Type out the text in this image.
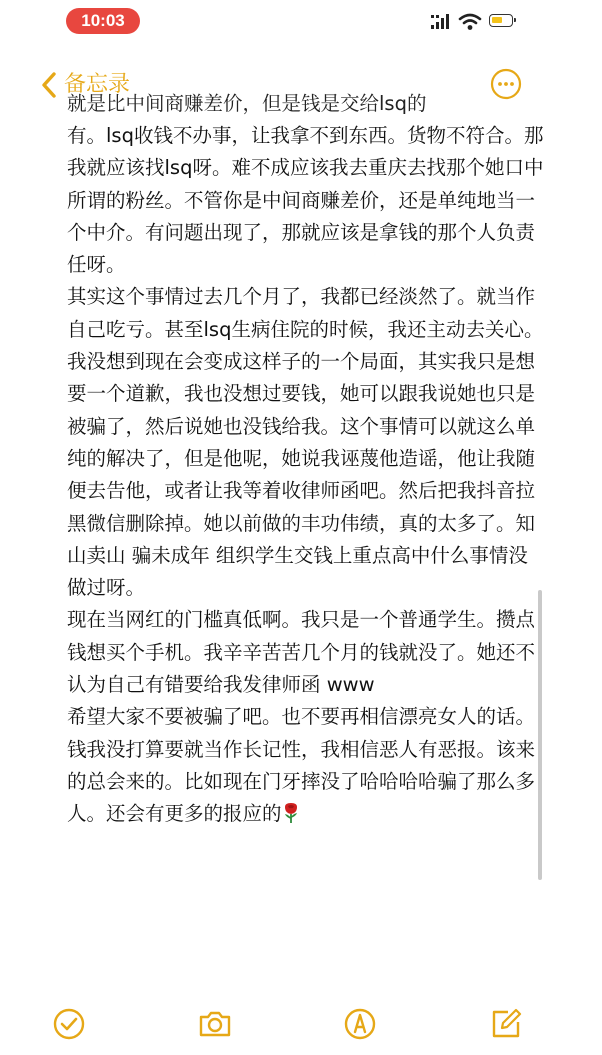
10:03
备忘录
就是比中间商赚差价，但是钱是交给lsq的

有。lsq收钱不办事，让我拿不到东西。货物不符合。那我就应该找lsq呀。难不成应该我去重庆去找那个她口中所谓的粉丝。不管你是中间商赚差价，还是单纯地当一个中介。有问题出现了，那就应该是拿钱的那个人负责任呀。

其实这个事情过去几个月了，我都已经淡然了。就当作自己吃亏。甚至lsq生病住院的时候，我还主动去关心。我没想到现在会变成这样子的一个局面，其实我只是想要一个道歉，我也没想过要钱，她可以跟我说她也只是被骗了，然后说她也没钱给我。这个事情可以就这么单纯的解决了，但是他呢，她说我诬蔑他造谣，他让我随便去告他，或者让我等着收律师函吧。然后把我抖音拉黑微信删除掉。她以前做的丰功伟绩，真的太多了。知山卖山 骗未成年 组织学生交钱上重点高中什么事情没做过呀。

现在当网红的门槛真低啊。我只是一个普通学生。攒点钱想买个手机。我辛辛苦苦几个月的钱就没了。她还不认为自己有错要给我发律师函 www

希望大家不要被骗了吧。也不要再相信漂亮女人的话。钱我没打算要就当作长记性，我相信恶人有恶报。该来的总会来的。比如现在门牙摔没了哈哈哈哈骗了那么多人。还会有更多的报应的
